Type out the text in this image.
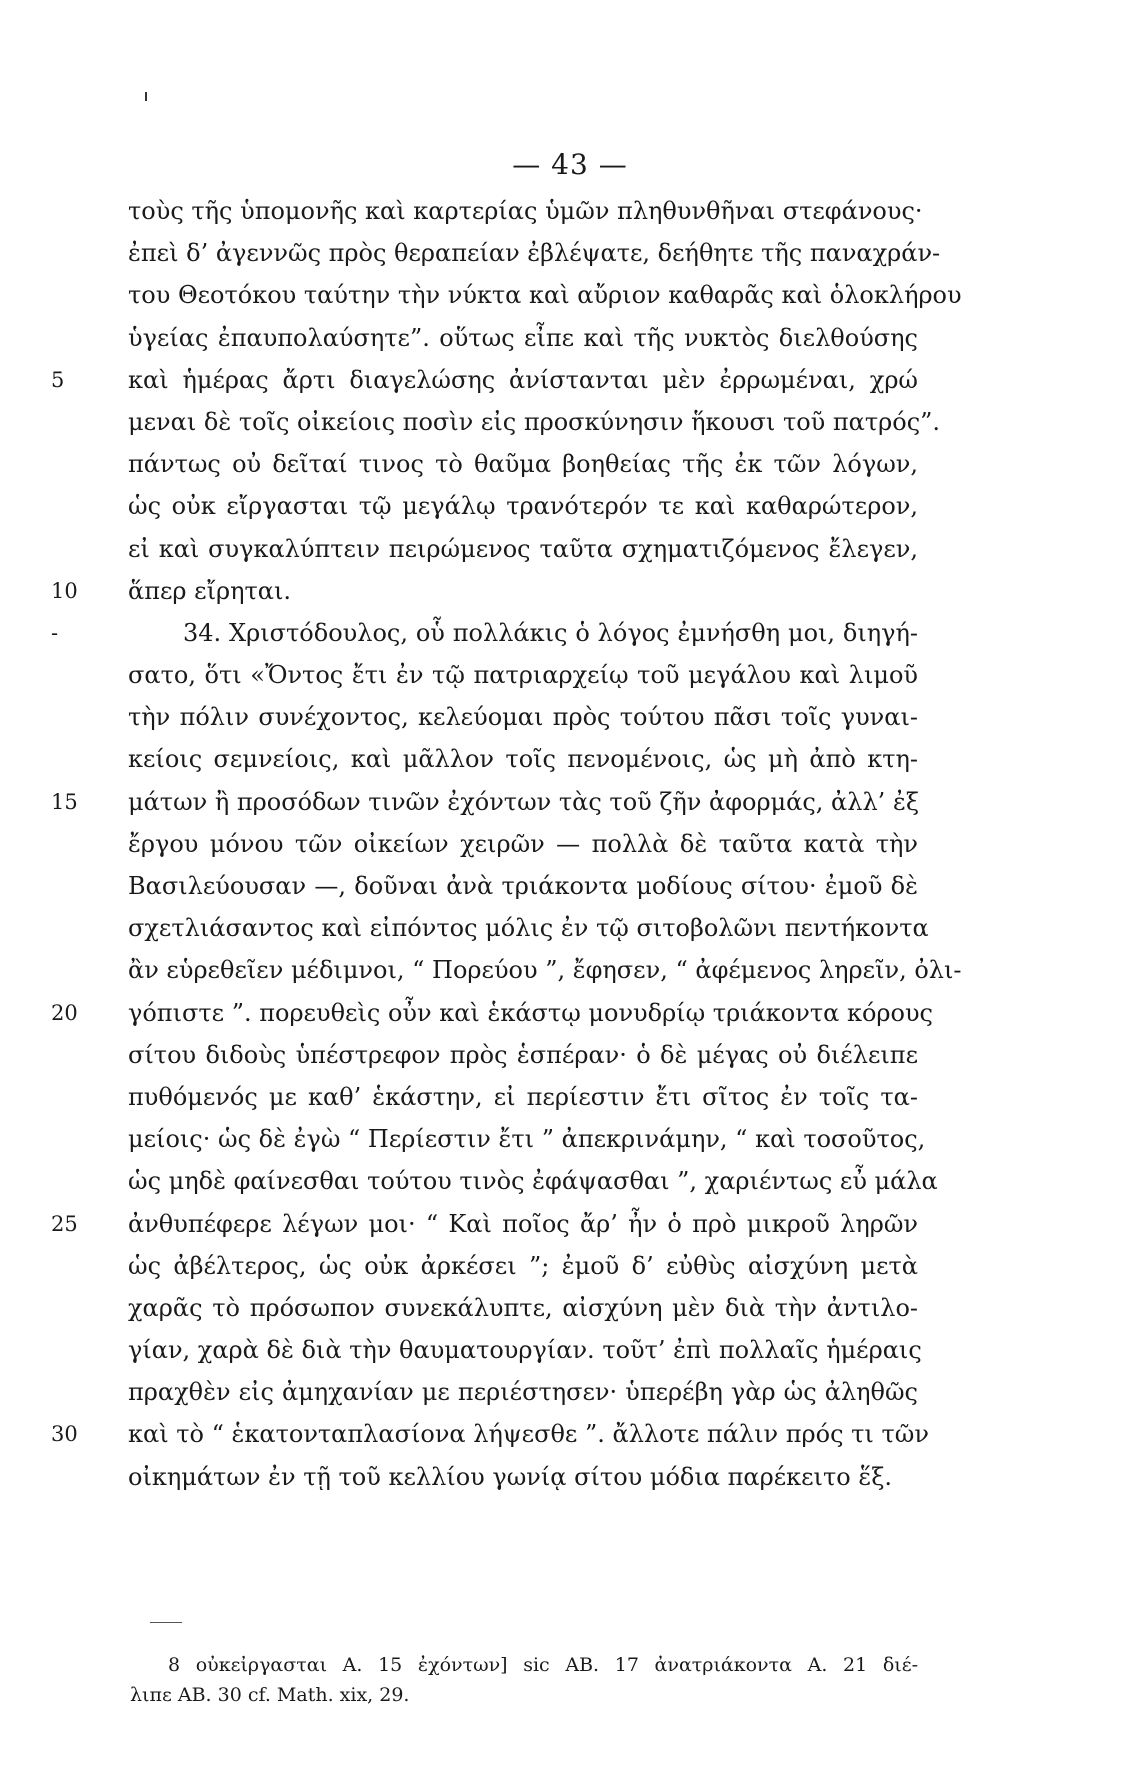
— 43 —
τοὺς τῆς ὑπομονῆς καὶ καρτερίας ὑμῶν πληθυνθῆναι στεφάνους·
ἐπεὶ δ’ ἀγεννῶς πρὸς θεραπείαν ἐβλέψατε, δεήθητε τῆς παναχράν-
του Θεοτόκου ταύτην τὴν νύκτα καὶ αὔριον καθαρᾶς καὶ ὁλοκλήρου
ὑγείας ἐπαυπολαύσητε”. οὕτως εἶπε καὶ τῆς νυκτὸς διελθούσης
5	καὶ ἡμέρας ἄρτι διαγελώσης ἀνίστανται μὲν ἐρρωμέναι, χρώ
μεναι δὲ τοῖς οἰκείοις ποσὶν εἰς προσκύνησιν ἥκουσι τοῦ πατρός”.
πάντως οὐ δεῖταί τινος τὸ θαῦμα βοηθείας τῆς ἐκ τῶν λόγων,
ὡς οὐκ εἴργασται τῷ μεγάλῳ τρανότερόν τε καὶ καθαρώτερον,
εἰ καὶ συγκαλύπτειν πειρώμενος ταῦτα σχηματιζόμενος ἔλεγεν,
10 ἅπερ εἴρηται.
-	34. Χριστόδουλος, οὗ πολλάκις ὁ λόγος ἐμνήσθη μοι, διηγή-
σατο, ὅτι «Ὄντος ἔτι ἐν τῷ πατριαρχείῳ τοῦ μεγάλου καὶ λιμοῦ
τὴν πόλιν συνέχοντος, κελεύομαι πρὸς τούτου πᾶσι τοῖς γυναι-
κείοις σεμνείοις, καὶ μᾶλλον τοῖς πενομένοις, ὡς μὴ ἀπὸ κτη-
15 μάτων ἢ προσόδων τινῶν ἐχόντων τὰς τοῦ ζῆν ἀφορμάς, ἀλλ’ ἐξ
ἔργου μόνου τῶν οἰκείων χειρῶν — πολλὰ δὲ ταῦτα κατὰ τὴν
Βασιλεύουσαν —, δοῦναι ἀνὰ τριάκοντα μοδίους σίτου· ἐμοῦ δὲ
σχετλιάσαντος καὶ εἰπόντος μόλις ἐν τῷ σιτοβολῶνι πεντήκοντα
ἂν εὑρεθεῖεν μέδιμνοι, “ Πορεύου ”, ἔφησεν, “ ἀφέμενος ληρεῖν, ὀλι-
20 γόπιστε ”. πορευθεὶς οὖν καὶ ἑκάστῳ μονυδρίῳ τριάκοντα κόρους
σίτου διδοὺς ὑπέστρεφον πρὸς ἑσπέραν· ὁ δὲ μέγας οὐ διέλειπε
πυθόμενός με καθ’ ἑκάστην, εἰ περίεστιν ἔτι σῖτος ἐν τοῖς τα-
μείοις· ὡς δὲ ἐγὼ “ Περίεστιν ἔτι ” ἀπεκρινάμην, “ καὶ τοσοῦτος,
ὡς μηδὲ φαίνεσθαι τούτου τινὸς ἐφάψασθαι ”, χαριέντως εὖ μάλα
25 ἀνθυπέφερε λέγων μοι· “ Καὶ ποῖος ἄρ’ ἦν ὁ πρὸ μικροῦ ληρῶν
ὡς ἀβέλτερος, ὡς οὐκ ἀρκέσει ”; ἐμοῦ δ’ εὐθὺς αἰσχύνη μετὰ
χαρᾶς τὸ πρόσωπον συνεκάλυπτε, αἰσχύνη μὲν διὰ τὴν ἀντιλο-
γίαν, χαρὰ δὲ διὰ τὴν θαυματουργίαν. τοῦτ’ ἐπὶ πολλαῖς ἡμέραις
πραχθὲν εἰς ἀμηχανίαν με περιέστησεν· ὑπερέβη γὰρ ὡς ἀληθῶς
30 καὶ τὸ “ ἑκατονταπλασίονα λήψεσθε ”. ἄλλοτε πάλιν πρός τι τῶν
οἰκημάτων ἐν τῇ τοῦ κελλίου γωνίᾳ σίτου μόδια παρέκειτο ἕξ.
8 οὐκεἰργασται A. 15 ἐχόντων] sic AB. 17 ἀνατριάκοντα A. 21 διέ-
λιπε AB. 30 cf. Math. xix, 29.
